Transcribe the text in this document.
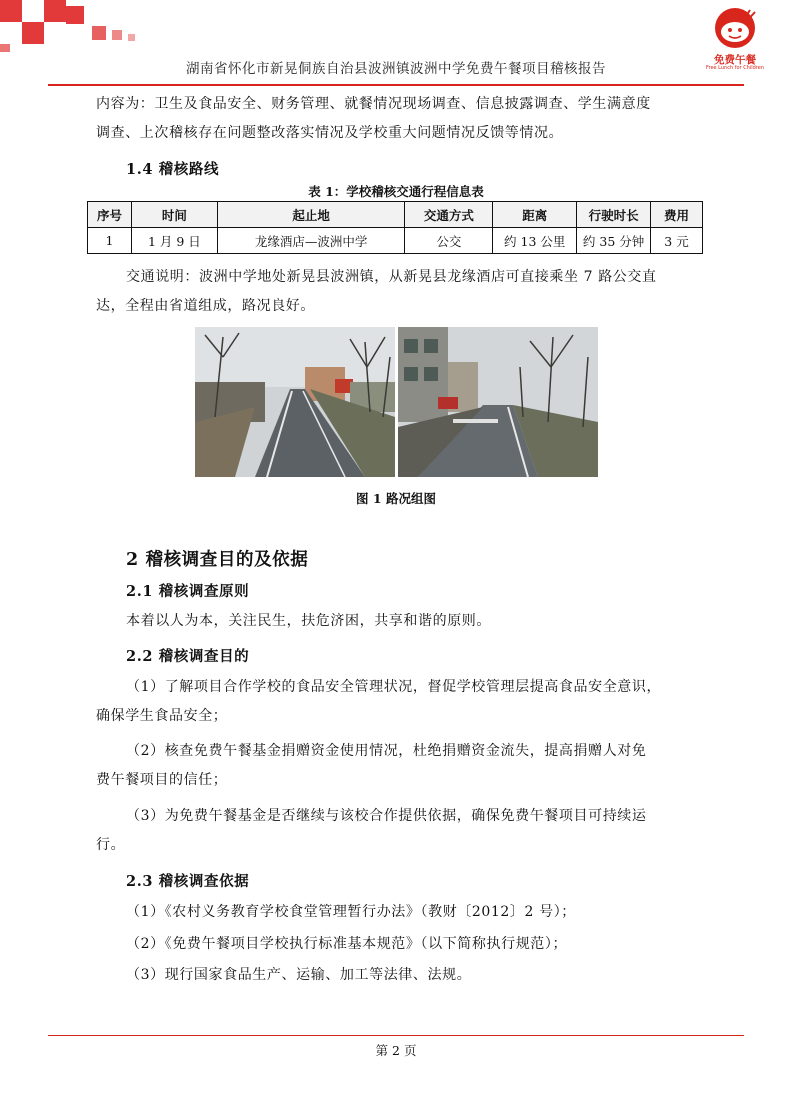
湖南省怀化市新晃侗族自治县波洲镇波洲中学免费午餐项目稽核报告
免费午餐
Free Lunch for Children
内容为：卫生及食品安全、财务管理、就餐情况现场调查、信息披露调查、学生满意度
调查、上次稽核存在问题整改落实情况及学校重大问题情况反馈等情况。
1.4 稽核路线
表 1：学校稽核交通行程信息表
序号	时间	起止地	交通方式	距离	行驶时长	费用
1	1 月 9 日	龙缘酒店—波洲中学	公交	约 13 公里	约 35 分钟	3 元
交通说明：波洲中学地处新晃县波洲镇，从新晃县龙缘酒店可直接乘坐 7 路公交直
达，全程由省道组成，路况良好。
图 1 路况组图
2 稽核调查目的及依据
2.1 稽核调查原则
本着以人为本，关注民生，扶危济困，共享和谐的原则。
2.2 稽核调查目的
（1）了解项目合作学校的食品安全管理状况，督促学校管理层提高食品安全意识，
确保学生食品安全；
（2）核查免费午餐基金捐赠资金使用情况，杜绝捐赠资金流失，提高捐赠人对免
费午餐项目的信任；
（3）为免费午餐基金是否继续与该校合作提供依据，确保免费午餐项目可持续运
行。
2.3 稽核调查依据
（1）《农村义务教育学校食堂管理暂行办法》（教财〔2012〕2 号）；
（2）《免费午餐项目学校执行标准基本规范》（以下简称执行规范）；
（3）现行国家食品生产、运输、加工等法律、法规。
第 2 页
